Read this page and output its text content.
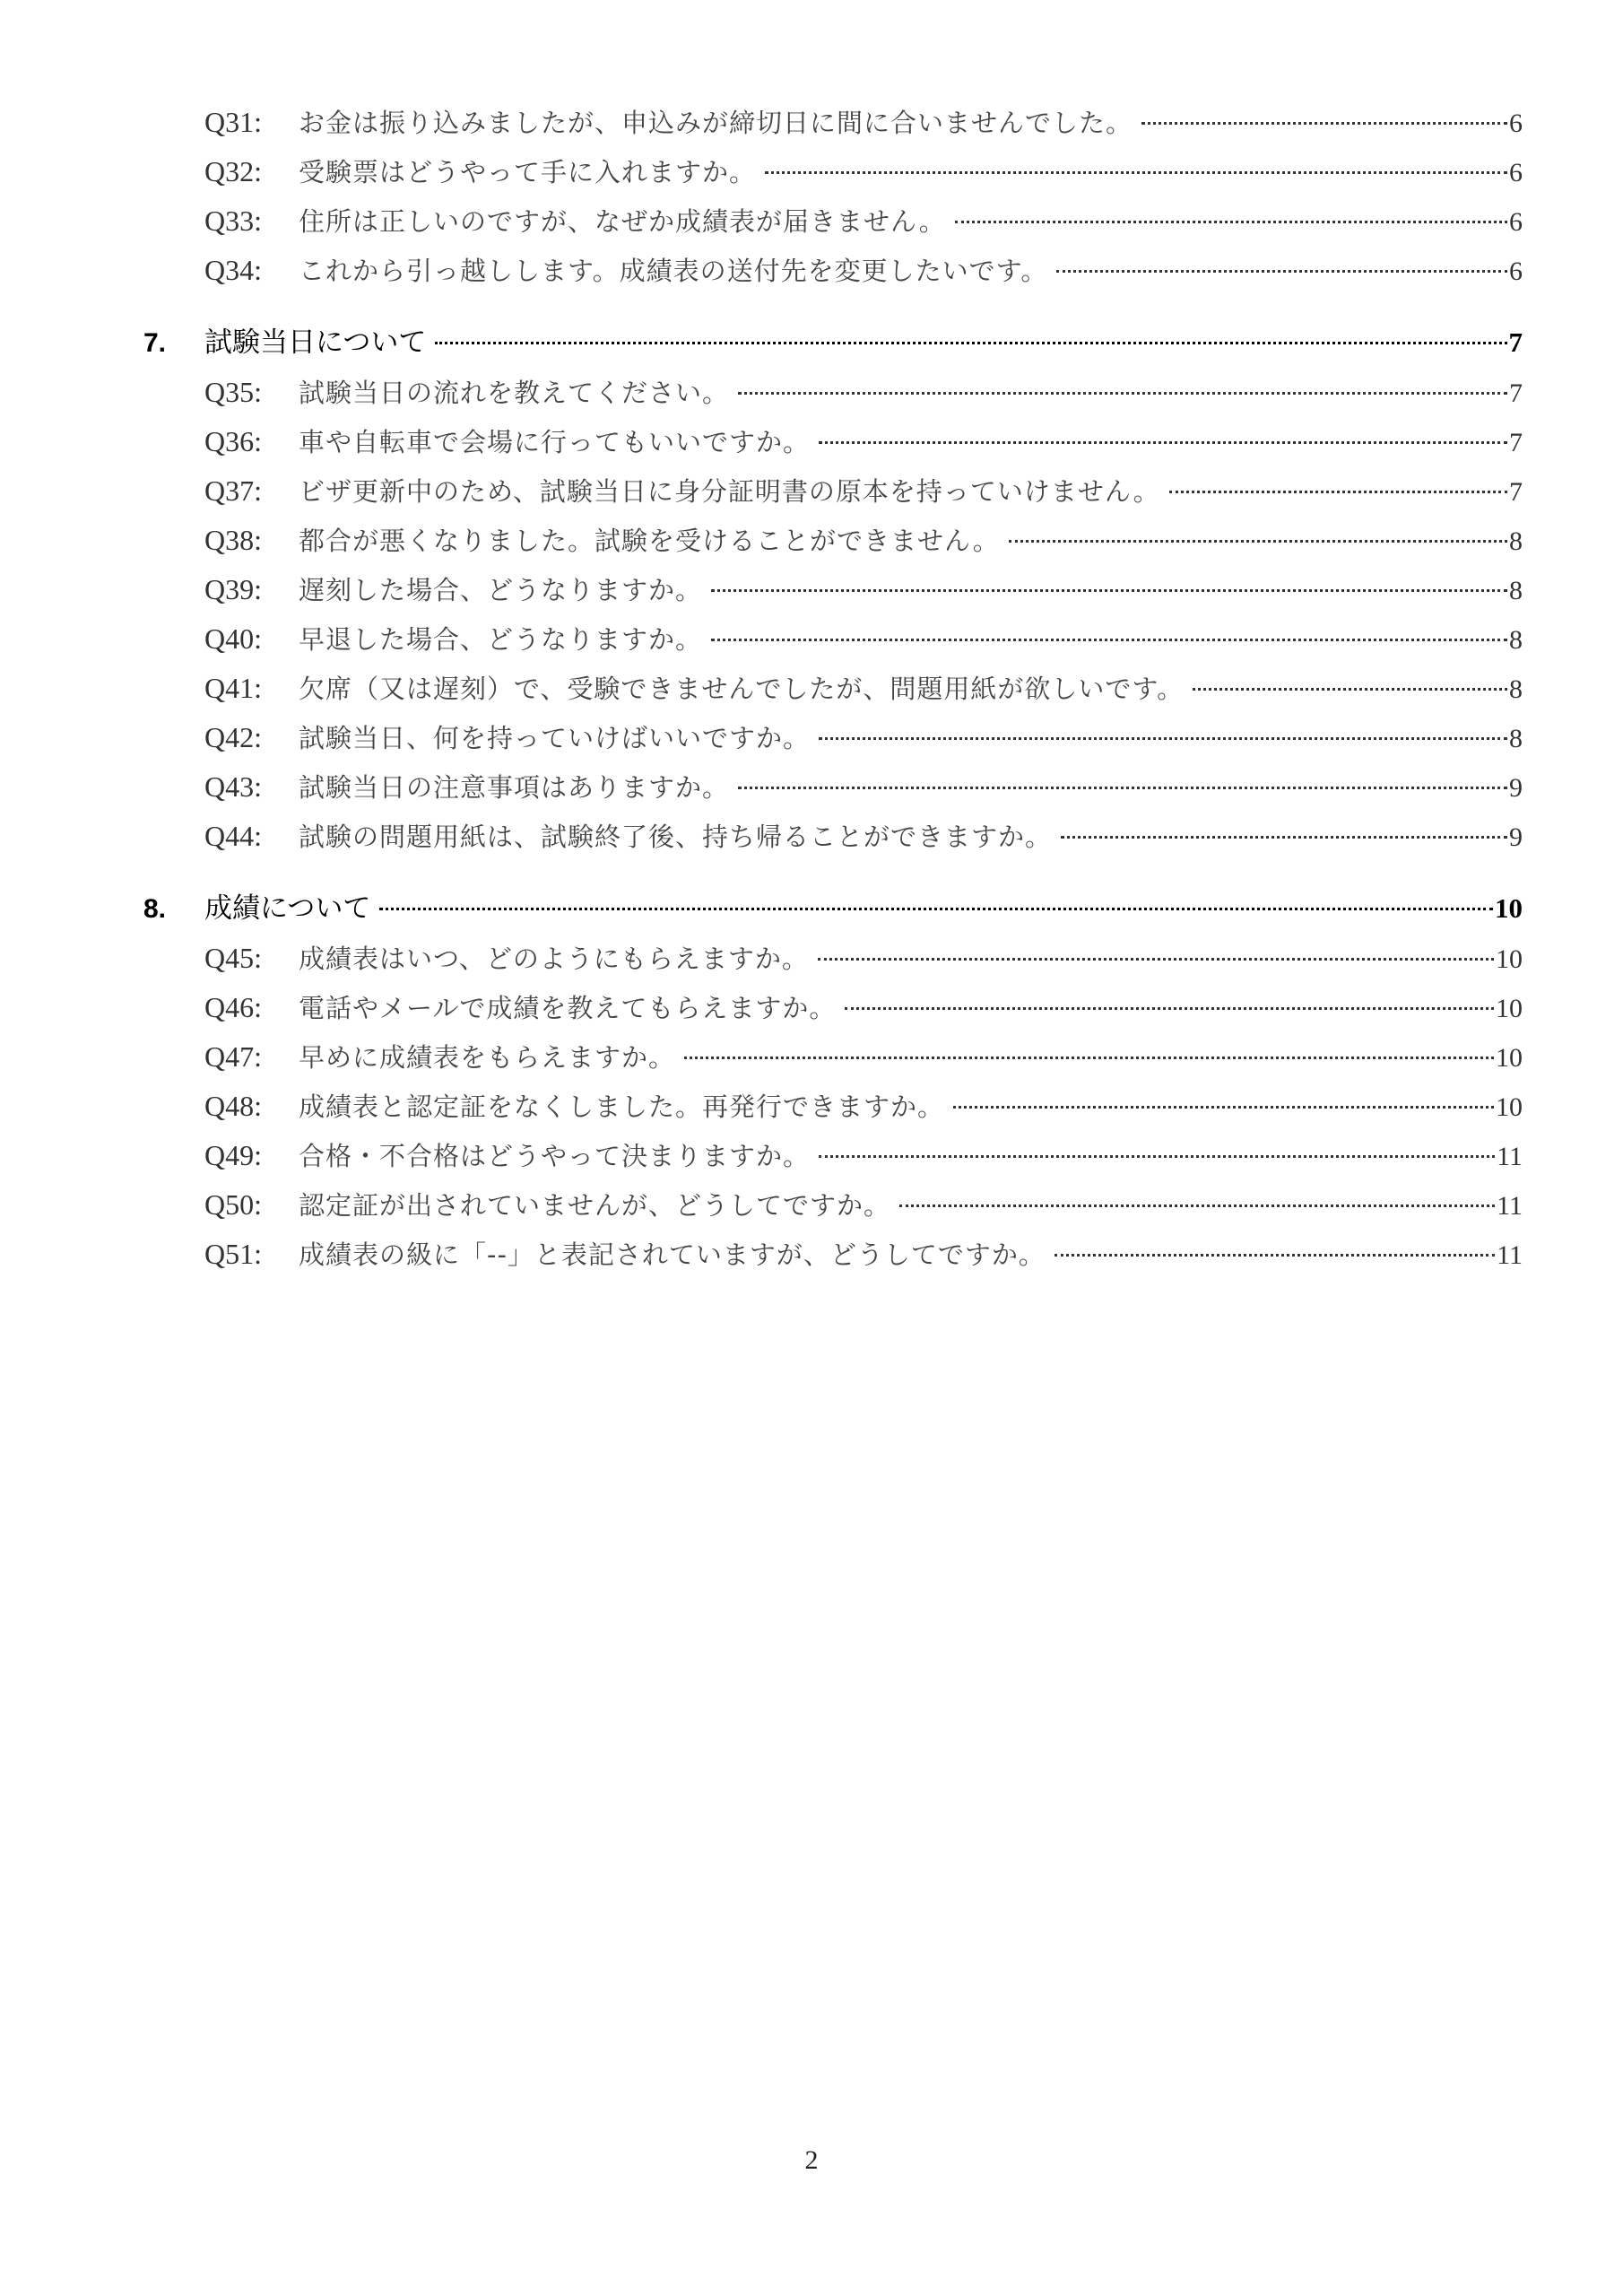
Q31:	お金は振り込みましたが、申込みが締切日に間に合いませんでした。	6
Q32:	受験票はどうやって手に入れますか。	6
Q33:	住所は正しいのですが、なぜか成績表が届きません。	6
Q34:	これから引っ越しします。成績表の送付先を変更したいです。	6
7.	試験当日について	7
Q35:	試験当日の流れを教えてください。	7
Q36:	車や自転車で会場に行ってもいいですか。	7
Q37:	ビザ更新中のため、試験当日に身分証明書の原本を持っていけません。	7
Q38:	都合が悪くなりました。試験を受けることができません。	8
Q39:	遅刻した場合、どうなりますか。	8
Q40:	早退した場合、どうなりますか。	8
Q41:	欠席（又は遅刻）で、受験できませんでしたが、問題用紙が欲しいです。	8
Q42:	試験当日、何を持っていけばいいですか。	8
Q43:	試験当日の注意事項はありますか。	9
Q44:	試験の問題用紙は、試験終了後、持ち帰ることができますか。	9
8.	成績について	10
Q45:	成績表はいつ、どのようにもらえますか。	10
Q46:	電話やメールで成績を教えてもらえますか。	10
Q47:	早めに成績表をもらえますか。	10
Q48:	成績表と認定証をなくしました。再発行できますか。	10
Q49:	合格・不合格はどうやって決まりますか。	11
Q50:	認定証が出されていませんが、どうしてですか。	11
Q51:	成績表の級に「--」と表記されていますが、どうしてですか。	11
2
